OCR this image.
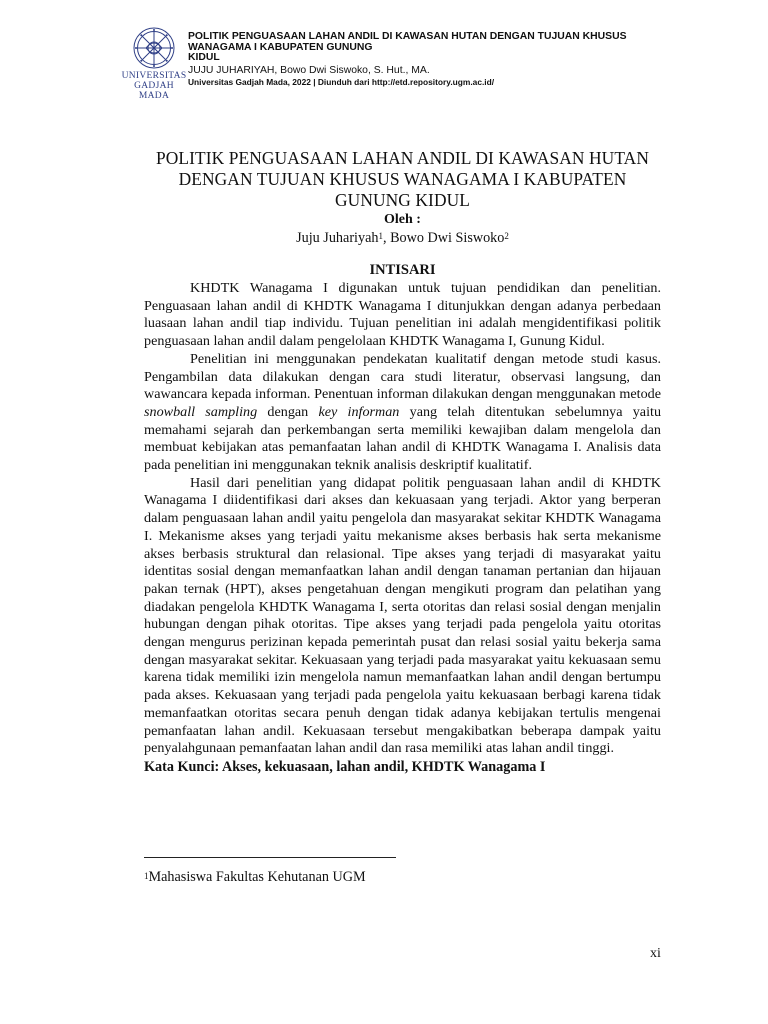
UNIVERSITAS
GADJAH MADA
POLITIK PENGUASAAN LAHAN ANDIL DI KAWASAN HUTAN DENGAN TUJUAN KHUSUS
WANAGAMA I KABUPATEN GUNUNG
KIDUL
JUJU JUHARIYAH, Bowo Dwi Siswoko, S. Hut., MA.
Universitas Gadjah Mada, 2022 | Diunduh dari http://etd.repository.ugm.ac.id/
POLITIK PENGUASAAN LAHAN ANDIL DI KAWASAN HUTAN
DENGAN TUJUAN KHUSUS WANAGAMA I KABUPATEN
GUNUNG KIDUL

Oleh :

Juju Juhariyah$^1$, Bowo Dwi Siswoko$^2$

INTISARI

KHDTK Wanagama I digunakan untuk tujuan pendidikan dan penelitian. Penguasaan lahan andil di KHDTK Wanagama I ditunjukkan dengan adanya perbedaan luasaan lahan andil tiap individu. Tujuan penelitian ini adalah mengidentifikasi politik penguasaan lahan andil dalam pengelolaan KHDTK Wanagama I, Gunung Kidul.

Penelitian ini menggunakan pendekatan kualitatif dengan metode studi kasus. Pengambilan data dilakukan dengan cara studi literatur, observasi langsung, dan wawancara kepada informan. Penentuan informan dilakukan dengan menggunakan metode snowball sampling dengan key informan yang telah ditentukan sebelumnya yaitu memahami sejarah dan perkembangan serta memiliki kewajiban dalam mengelola dan membuat kebijakan atas pemanfaatan lahan andil di KHDTK Wanagama I. Analisis data pada penelitian ini menggunakan teknik analisis deskriptif kualitatif.

Hasil dari penelitian yang didapat politik penguasaan lahan andil di KHDTK Wanagama I diidentifikasi dari akses dan kekuasaan yang terjadi. Aktor yang berperan dalam penguasaan lahan andil yaitu pengelola dan masyarakat sekitar KHDTK Wanagama I. Mekanisme akses yang terjadi yaitu mekanisme akses berbasis hak serta mekanisme akses berbasis struktural dan relasional. Tipe akses yang terjadi di masyarakat yaitu identitas sosial dengan memanfaatkan lahan andil dengan tanaman pertanian dan hijauan pakan ternak (HPT), akses pengetahuan dengan mengikuti program dan pelatihan yang diadakan pengelola KHDTK Wanagama I, serta otoritas dan relasi sosial dengan menjalin hubungan dengan pihak otoritas. Tipe akses yang terjadi pada pengelola yaitu otoritas dengan mengurus perizinan kepada pemerintah pusat dan relasi sosial yaitu bekerja sama dengan masyarakat sekitar. Kekuasaan yang terjadi pada masyarakat yaitu kekuasaan semu karena tidak memiliki izin mengelola namun memanfaatkan lahan andil dengan bertumpu pada akses. Kekuasaan yang terjadi pada pengelola yaitu kekuasaan berbagi karena tidak memanfaatkan otoritas secara penuh dengan tidak adanya kebijakan tertulis mengenai pemanfaatan lahan andil. Kekuasaan tersebut mengakibatkan beberapa dampak yaitu penyalahgunaan pemanfaatan lahan andil dan rasa memiliki atas lahan andil tinggi.

Kata Kunci: Akses, kekuasaan, lahan andil, KHDTK Wanagama I

$^1$Mahasiswa Fakultas Kehutanan UGM
xi
